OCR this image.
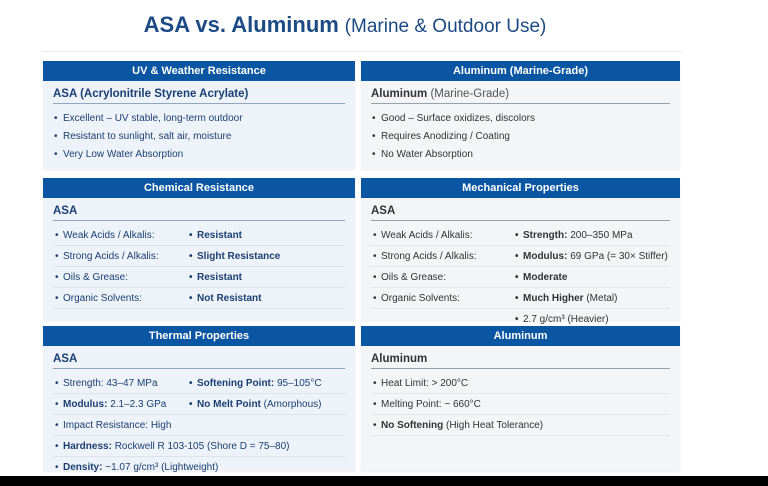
ASA vs. Aluminum (Marine & Outdoor Use)
UV & Weather Resistance
ASA (Acrylonitrile Styrene Acrylate)
• Excellent – UV stable, long-term outdoor
• Resistant to sunlight, salt air, moisture
• Very Low Water Absorption
Aluminum (Marine-Grade)
Aluminum (Marine-Grade)
• Good – Surface oxidizes, discolors
• Requires Anodizing / Coating
• No Water Absorption
Chemical Resistance
ASA
• Weak Acids / Alkalis:	• Resistant
• Strong Acids / Alkalis:	• Slight Resistance
• Oils & Grease:	• Resistant
• Organic Solvents:	• Not Resistant
Mechanical Properties
ASA
• Weak Acids / Alkalis:	• Strength: 200–350 MPa
• Strong Acids / Alkalis:	• Modulus: 69 GPa (= 30× Stiffer)
• Oils & Grease:	• Moderate
• Organic Solvents:	• Much Higher (Metal)
• 2.7 g/cm³ (Heavier)
Thermal Properties
ASA
• Strength: 43–47 MPa	• Softening Point: 95–105°C
• Modulus: 2.1–2.3 GPa	• No Melt Point (Amorphous)
• Impact Resistance: High
• Hardness: Rockwell R 103-105 (Shore D = 75–80)
• Density: ~1.07 g/cm³ (Lightweight)
Aluminum
Aluminum
• Heat Limit: > 200°C
• Melting Point: ~ 660°C
• No Softening (High Heat Tolerance)
